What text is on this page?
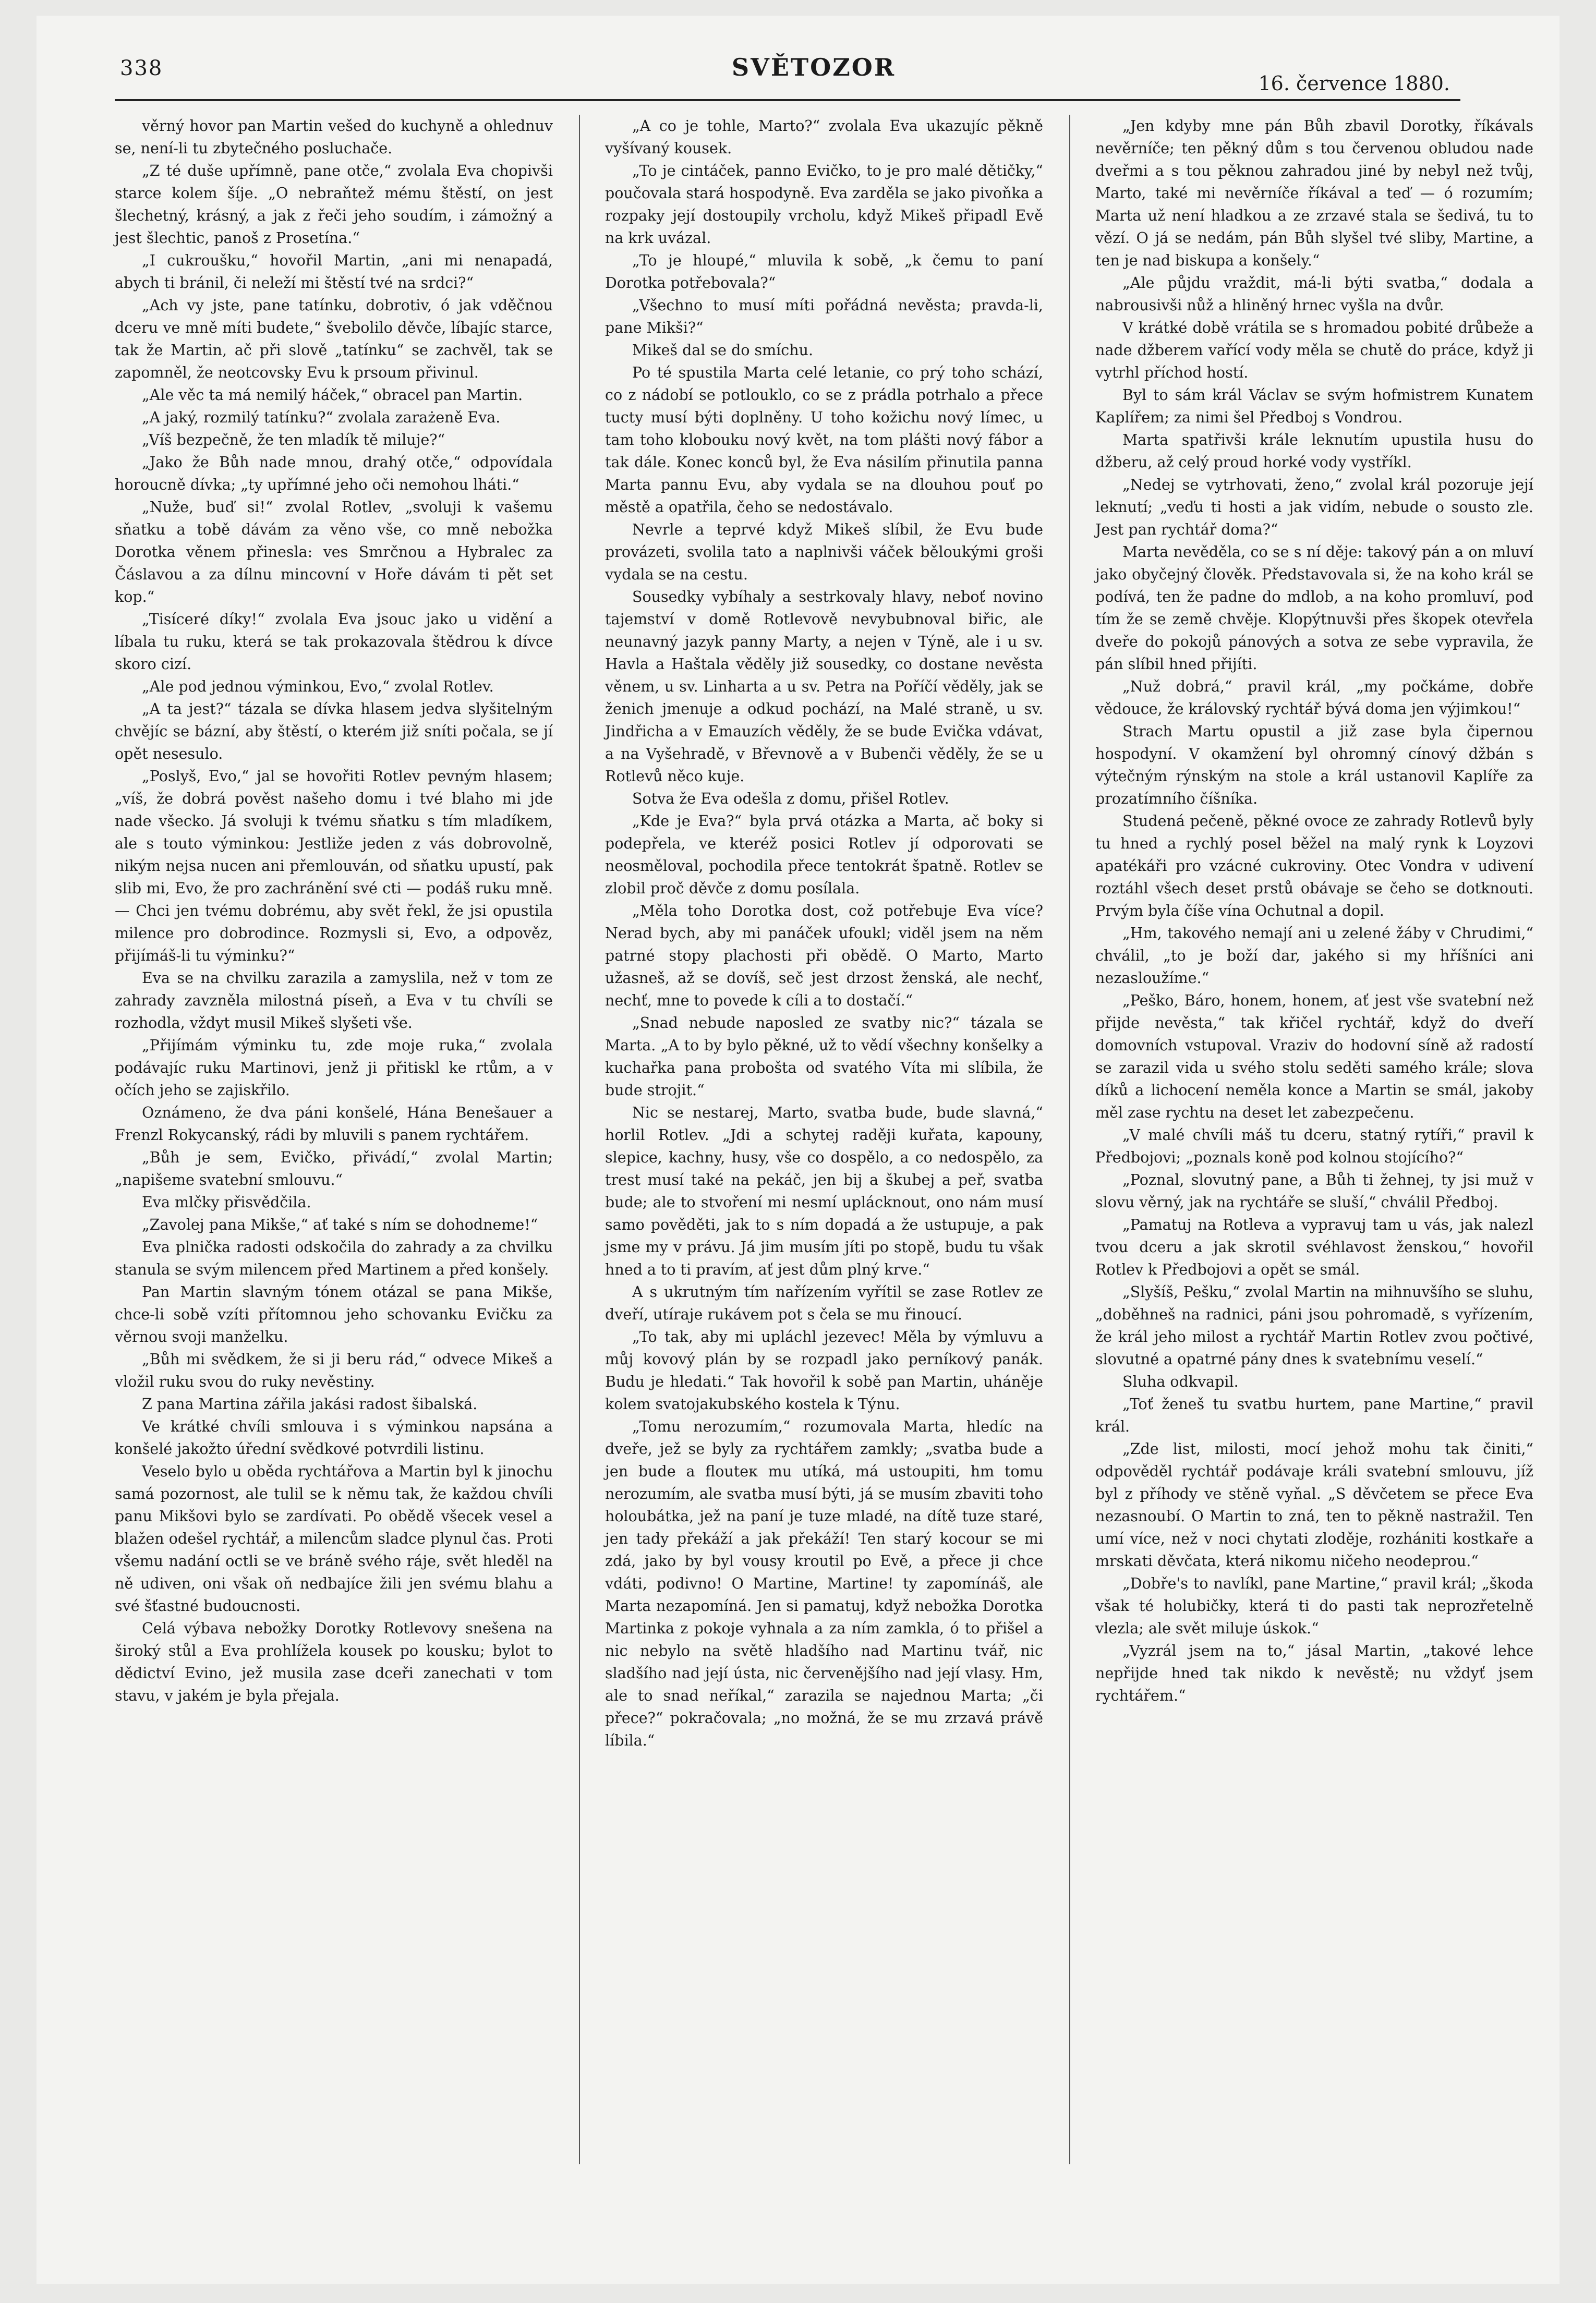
338	SVĚTOZOR
16. července 1880.

věrný hovor pan Martin vešed do kuchyně a ohlednuv se, není-li tu zbytečného posluchače.

„Z té duše upřímně, pane otče,“ zvolala Eva chopivši starce kolem šíje. „O nebraňtež mému štěstí, on jest šlechetný, krásný, a jak z řeči jeho soudím, i zámožný a jest šlechtic, panoš z Prosetína.“

„I cukroušku,“ hovořil Martin, „ani mi nenapadá, abych ti bránil, či neleží mi štěstí tvé na srdci?“

„Ach vy jste, pane tatínku, dobrotiv, ó jak vděčnou dceru ve mně míti budete,“ švebolilo děvče, líbajíc starce, tak že Martin, ač při slově „tatínku“ se zachvěl, tak se zapomněl, že neotcovsky Evu k prsoum přivinul.

„Ale věc ta má nemilý háček,“ obracel pan Martin.

„A jaký, rozmilý tatínku?“ zvolala zarażeně Eva.

„Víš bezpečně, že ten mladík tě miluje?“

„Jako že Bůh nade mnou, drahý otče,“ odpovídala horoucně dívka; „ty upřímné jeho oči nemohou lháti.“

„Nuže, buď si!“ zvolal Rotlev, „svoluji k vašemu sňatku a tobě dávám za věno vše, co mně nebožka Dorotka věnem přinesla: ves Smrčnou a Hybralec za Čáslavou a za dílnu mincovní v Hoře dávám ti pět set kop.“

„Tisíceré díky!“ zvolala Eva jsouc jako u vidění a líbala tu ruku, která se tak prokazovala štědrou k dívce skoro cizí.

„Ale pod jednou výminkou, Evo,“ zvolal Rotlev.

„A ta jest?“ tázala se dívka hlasem jedva slyšitelným chvějíc se bázní, aby štěstí, o kterém již sníti počala, se jí opět nesesulo.

„Poslyš, Evo,“ jal se hovořiti Rotlev pevným hlasem; „víš, že dobrá pověst našeho domu i tvé blaho mi jde nade všecko. Já svoluji k tvému sňatku s tím mladíkem, ale s touto výminkou: Jestliže jeden z vás dobrovolně, nikým nejsa nucen ani přemlouván, od sňatku upustí, pak slib mi, Evo, že pro zachránění své cti — podáš ruku mně. — Chci jen tvému dobrému, aby svět řekl, že jsi opustila milence pro dobrodince. Rozmysli si, Evo, a odpověz, přijímáš-li tu výminku?“

Eva se na chvilku zarazila a zamyslila, než v tom ze zahrady zavzněla milostná píseň, a Eva v tu chvíli se rozhodla, vždyt musil Mikeš slyšeti vše.

„Přijímám výminku tu, zde moje ruka,“ zvolala podávajíc ruku Martinovi, jenž ji přitiskl ke rtům, a v očích jeho se zajiskřilo.

Oznámeno, že dva páni konšelé, Hána Benešauer a Frenzl Rokycanský, rádi by mluvili s panem rychtářem.

„Bůh je sem, Evičko, přivádí,“ zvolal Martin; „napišeme svatební smlouvu.“

Eva mlčky přisvědčila.

„Zavolej pana Mikše,“ ať také s ním se dohodneme!“

Eva plnička radosti odskočila do zahrady a za chvilku stanula se svým milencem před Martinem a před konšely.

Pan Martin slavným tónem otázal se pana Mikše, chce-li sobě vzíti přítomnou jeho schovanku Evičku za věrnou svoji manželku.

„Bůh mi svědkem, že si ji beru rád,“ odvece Mikeš a vložil ruku svou do ruky nevěstiny.

Z pana Martina zářila jakási radost šibalská.

Ve krátké chvíli smlouva i s výminkou napsána a konšelé jakožto úřední svědkové potvrdili listinu.

Veselo bylo u oběda rychtářova a Martin byl k jinochu samá pozornost, ale tulil se k němu tak, že každou chvíli panu Mikšovi bylo se zardívati. Po obědě všecek vesel a blažen odešel rychtář, a milencům sladce plynul čas. Proti všemu nadání octli se ve bráně svého ráje, svět hleděl na ně udiven, oni však oň nedbajíce žili jen svému blahu a své šťastné budoucnosti.

Celá výbava nebožky Dorotky Rotlevovy snešena na široký stůl a Eva prohlížela kousek po kousku; bylot to dědictví Evino, jež musila zase dceři zanechati v tom stavu, v jakém je byla přejala.

„A co je tohle, Marto?“ zvolala Eva ukazujíc pěkně vyšívaný kousek.

„To je cintáček, panno Evičko, to je pro malé dětičky,“ poučovala stará hospodyně. Eva zarděla se jako pivoňka a rozpaky její dostoupily vrcholu, když Mikeš připadl Evě na krk uvázal.

„To je hloupé,“ mluvila k sobě, „k čemu to paní Dorotka potřebovala?“

„Všechno to musí míti pořádná nevěsta; pravda-li, pane Mikši?“

Mikeš dal se do smíchu.

Po té spustila Marta celé letanie, co prý toho schází, co z nádobí se potlouklo, co se z prádla potrhalo a přece tucty musí býti doplněny. U toho kožichu nový límec, u tam toho klobouku nový květ, na tom plášti nový fábor a tak dále. Konec konců byl, že Eva násilím přinutila panna Marta pannu Evu, aby vydala se na dlouhou pouť po městě a opatřila, čeho se nedostávalo.

Nevrle a teprvé když Mikeš slíbil, že Evu bude provázeti, svolila tato a naplnivši váček běloukými groši vydala se na cestu.

Sousedky vybíhaly a sestrkovaly hlavy, neboť novino tajemství v domě Rotlevově nevybubnoval biřic, ale neunavný jazyk panny Marty, a nejen v Týně, ale i u sv. Havla a Haštala věděly již sousedky, co dostane nevěsta věnem, u sv. Linharta a u sv. Petra na Poříčí věděly, jak se ženich jmenuje a odkud pochází, na Malé straně, u sv. Jindřicha a v Emauzích věděly, že se bude Evička vdávat, a na Vyšehradě, v Břevnově a v Bubenči věděly, že se u Rotlevů něco kuje.

Sotva že Eva odešla z domu, přišel Rotlev.

„Kde je Eva?“ byla prvá otázka a Marta, ač boky si podepřela, ve kteréž posici Rotlev jí odporovati se neosměloval, pochodila přece tentokrát špatně. Rotlev se zlobil proč děvče z domu posílala.

„Měla toho Dorotka dost, což potřebuje Eva více? Nerad bych, aby mi panáček ufoukl; viděl jsem na něm patrné stopy plachosti při obědě. O Marto, Marto užasneš, až se dovíš, seč jest drzost ženská, ale nechť, nechť, mne to povede k cíli a to dostačí.“

„Snad nebude naposled ze svatby nic?“ tázala se Marta. „A to by bylo pěkné, už to vědí všechny konšelky a kuchařka pana proboštа od svatého Víta mi slíbila, že bude strojit.“

Nic se nestarej, Marto, svatba bude, bude slavná,“ horlil Rotlev. „Jdi a schytej raději kuřata, kapouny, slepice, kachny, husy, vše co dospělo, a co nedospělo, za trest musí také na pekáč, jen bij a škubej a peř, svatba bude; ale to stvoření mi nesmí uplácknout, ono nám musí samo pověděti, jak to s ním dopadá a že ustupuje, a pak jsme my v právu. Já jim musím jíti po stopě, budu tu však hned a to ti pravím, ať jest dům plný krve.“

A s ukrutným tím nařízením vyřítil se zase Rotlev ze dveří, utíraje rukávem pot s čela se mu řinoucí.

„To tak, aby mi upláchl jezevec! Měla by výmluvu a můj kovový plán by se rozpadl jako perníkový panák. Budu je hledati.“ Tak hovořil k sobě pan Martin, uháněje kolem svatojakubského kostela k Týnu.

„Tomu nerozumím,“ rozumovala Marta, hledíc na dveře, jež se byly za rychtářem zamkly; „svatba bude a jen bude a flouteк mu utíká, má ustoupiti, hm tomu nerozumím, ale svatba musí býti, já se musím zbaviti toho holoubátka, jež na paní je tuze mladé, na dítě tuze staré, jen tady překáží a jak překáží! Ten starý kocour se mi zdá, jako by byl vousy kroutil po Evě, a přece ji chce vdáti, podivno! O Martine, Martine! ty zapomínáš, ale Marta nezapomíná. Jen si pamatuj, když nebožka Dorotka Martinka z pokoje vyhnala a za ním zamkla, ó to přišel a nic nebylo na světě hladšího nad Martinu tvář, nic sladšího nad její ústa, nic červenějšího nad její vlasy. Hm, ale to snad neříkal,“ zarazila se najednou Marta; „či přece?“ pokračovala; „no možná, že se mu zrzavá právě líbila.“

„Jen kdyby mne pán Bůh zbavil Dorotky, říkávals nevěrníče; ten pěkný dům s tou červenou obludou nade dveřmi a s tou pěknou zahradou jiné by nebyl než tvůj, Marto, také mi nevěrníče říkával a teď — ó rozumím; Marta už není hladkou a ze zrzavé stala se šedivá, tu to vězí. O já se nedám, pán Bůh slyšel tvé sliby, Martine, a ten je nad biskupa a konšely.“

„Ale půjdu vraždit, má-li býti svatba,“ dodala a nabrousivši nůž a hliněný hrnec vyšla na dvůr.

V krátké době vrátila se s hromadou pobité drůbeže a nade džberem vařící vody měla se chutě do práce, když ji vytrhl příchod hostí.

Byl to sám král Václav se svým hofmistrem Kunatem Kaplířem; za nimi šel Předboj s Vondrou.

Marta spatřivši krále leknutím upustila husu do džberu, až celý proud horké vody vystříkl.

„Nedej se vytrhovati, ženo,“ zvolal král pozoruje její leknutí; „veďu ti hosti a jak vidím, nebude o sousto zle. Jest pan rychtář doma?“

Marta nevěděla, co se s ní děje: takový pán a on mluví jako obyčejný člověk. Představovala si, že na koho král se podívá, ten že padne do mdlob, a na koho promluví, pod tím že se země chvěje. Klopýtnuvši přes škopek otevřela dveře do pokojů pánových a sotva ze sebe vypravila, že pán slíbil hned přijíti.

„Nuž dobrá,“ pravil král, „my počkáme, dobře vědouce, že královský rychtář bývá doma jen výjimkou!“

Strach Martu opustil a již zase byla čipernou hospodyní. V okamžení byl ohromný cínový džbán s výtečným rýnským na stole a král ustanovil Kaplíře za prozatímního číšníka.

Studená pečeně, pěkné ovoce ze zahrady Rotlevů byly tu hned a rychlý posel běžel na malý rynk k Loyzovi apatékáři pro vzácné cukroviny. Otec Vondra v udivení roztáhl všech deset prstů obávaje se čeho se dotknouti. Prvým byla číše vína Ochutnal a dopil.

„Hm, takového nemají ani u zelené žáby v Chrudimi,“ chválil, „to je boží dar, jakého si my hříšníci ani nezasloužíme.“

„Peško, Báro, honem, honem, ať jest vše svatební než přijde nevěsta,“ tak křičel rychtář, když do dveří domovních vstupoval. Vraziv do hodovní síně až radostí se zarazil vida u svého stolu seděti samého krále; slova díků a lichocení neměla konce a Martin se smál, jakoby měl zase rychtu na deset let zabezpečenu.

„V malé chvíli máš tu dceru, statný rytíři,“ pravil k Předbojovi; „poznals koně pod kolnou stojícího?“

„Poznal, slovutný pane, a Bůh ti žehnej, ty jsi muž v slovu věrný, jak na rychtáře se sluší,“ chválil Předboj.

„Pamatuj na Rotleva a vypravuj tam u vás, jak nalezl tvou dceru a jak skrotil svéhlavost ženskou,“ hovořil Rotlev k Předbojovi a opět se smál.

„Slyšíš, Pešku,“ zvolal Martin na mihnuvšího se sluhu, „doběhneš na radnici, páni jsou pohromadě, s vyřízením, že král jeho milost a rychtář Martin Rotlev zvou počtivé, slovutné a opatrné pány dnes k svatebnímu veselí.“

Sluha odkvapil.

„Toť ženeš tu svatbu hurtem, pane Martine,“ pravil král.

„Zde list, milosti, mocí jehož mohu tak činiti,“ odpověděl rychtář podávaje králi svatební smlouvu, jíž byl z příhody ve stěně vyňal. „S děvčetem se přece Eva nezasnoubí. O Martin to zná, ten to pěkně nastražil. Ten umí více, než v noci chytati zloděje, rozhániti kostkaře a mrskati děvčata, která nikomu ničeho neodeprou.“

„Dobře's to navlíkl, pane Martine,“ pravil král; „škoda však té holubičky, která ti do pasti tak neprozřetelně vlezla; ale svět miluje úskok.“

„Vyzrál jsem na to,“ jásal Martin, „takové lehce nepřijde hned tak nikdo k nevěstě; nu vždyť jsem rychtářem.“
